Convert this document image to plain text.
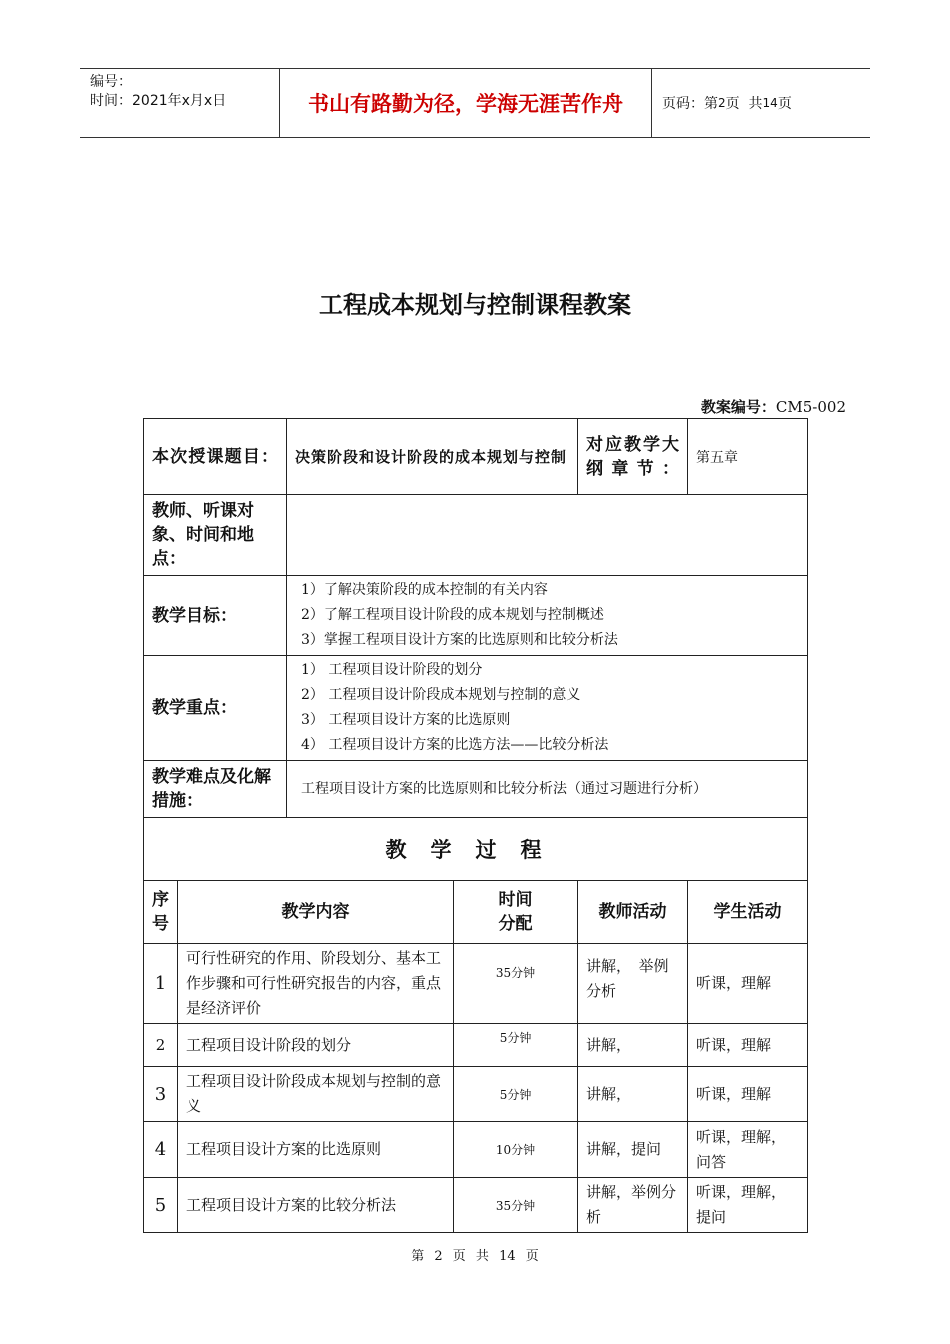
编号：
时间：2021年x月x日	书山有路勤为径，学海无涯苦作舟	页码：第 2 页  共 14 页
工程成本规划与控制课程教案
教案编号：CM5-002
本次授课题目：		决策阶段和设计阶段的成本规划与控制		对应教学大纲章节：	第五章
教师、听课对象、时间和地点：					
教学目标：		1）了解决策阶段的成本控制的有关内容
2）了解工程项目设计阶段的成本规划与控制概述
3）掌握工程项目设计方案的比选原则和比较分析法			

教学重点：		1） 工程项目设计阶段的划分
2） 工程项目设计阶段成本规划与控制的意义
3） 工程项目设计方案的比选原则
4） 工程项目设计方案的比选方法——比较分析法			

教学难点及化解措施：		工程项目设计方案的比选原则和比较分析法（通过习题进行分析）			
教学过程					
序号	教学内容		时间分配	教师活动	学生活动
1	可行性研究的作用、阶段划分、基本工作步骤和可行性研究报告的内容，重点是经济评价		35分钟	讲解，　举例分析	听课，理解
2	工程项目设计阶段的划分		5分钟	讲解，	听课，理解
3	工程项目设计阶段成本规划与控制的意义		5分钟	讲解，	听课，理解
4	工程项目设计方案的比选原则		10分钟	讲解，提问	听课，理解，问答
5	工程项目设计方案的比较分析法		35分钟	讲解，举例分析	听课，理解，提问
第 2 页 共 14 页
